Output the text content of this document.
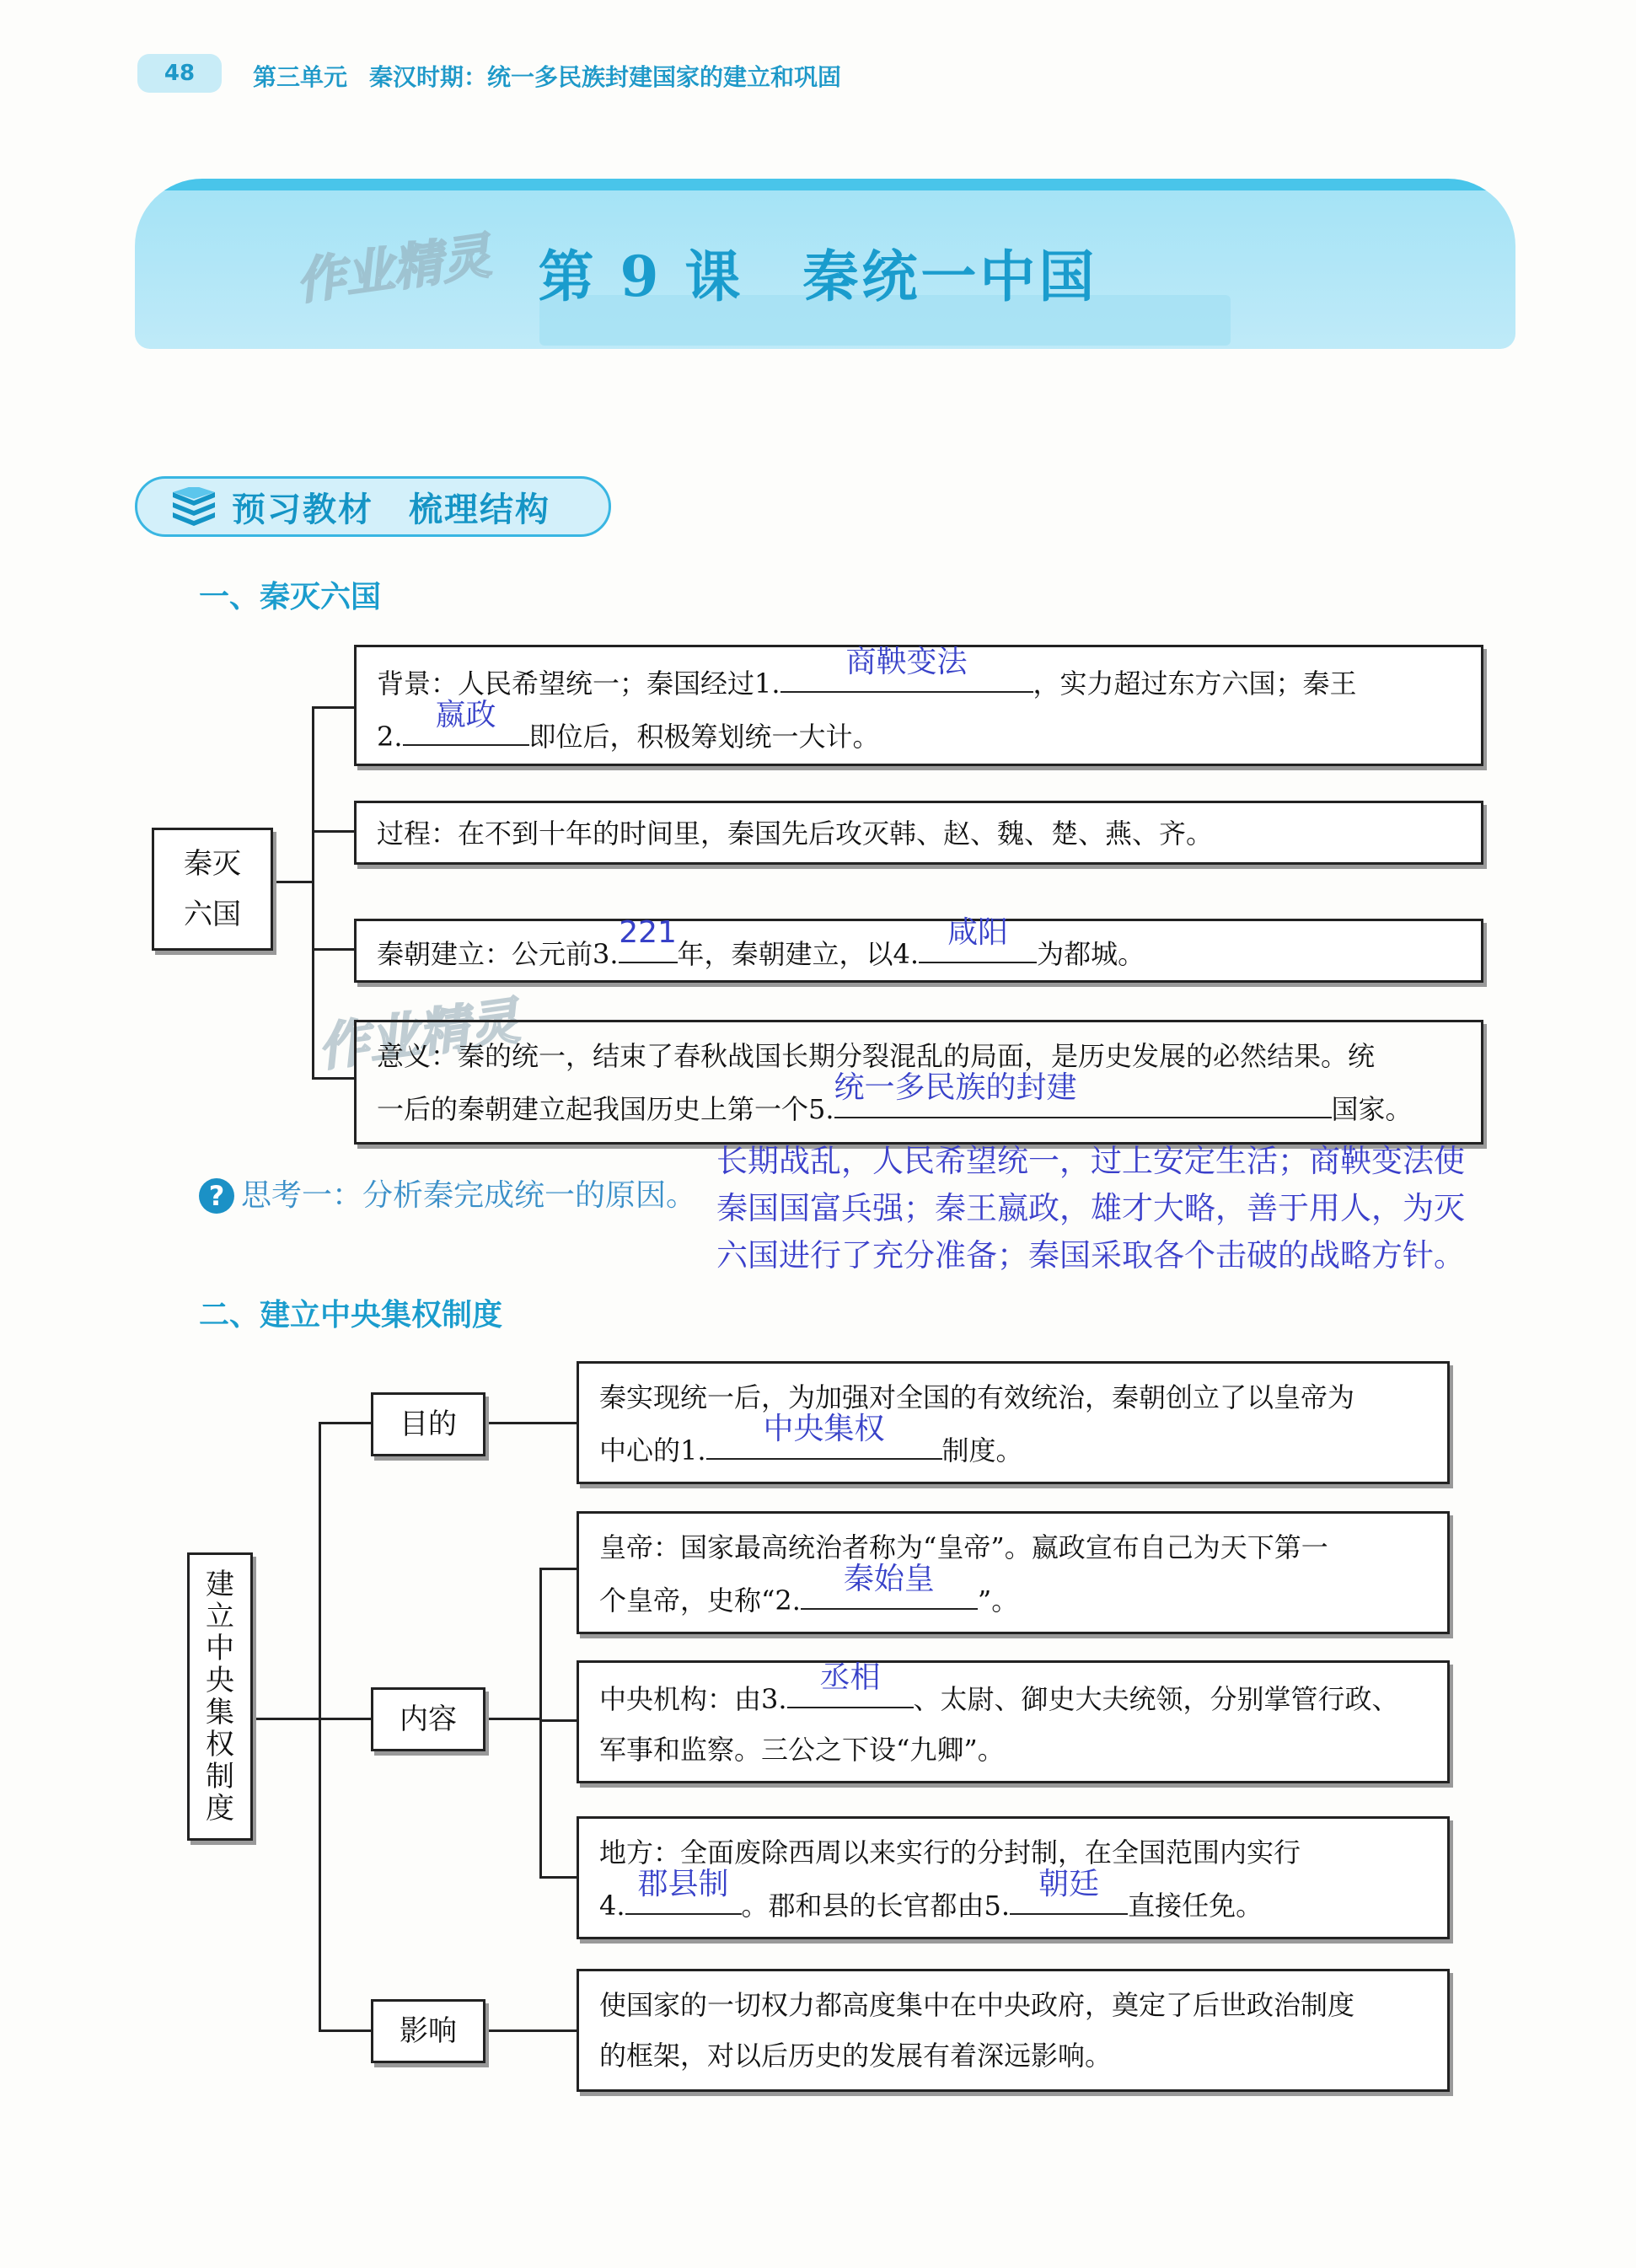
48	第三单元 秦汉时期：统一多民族封建国家的建立和巩固
作业精灵 第 9 课　秦统一中国
预习教材　梳理结构
一、秦灭六国
秦灭
六国
背景：人民希望统一；秦国经过1.
商鞅变法
，实力超过东方六国；秦王
2.
嬴政
即位后，积极筹划统一大计。
过程：在不到十年的时间里，秦国先后攻灭韩、赵、魏、楚、燕、齐。
秦朝建立：公元前3.
221
年，秦朝建立，以4.
咸阳
为都城。
作业精灵
意义：秦的统一，结束了春秋战国长期分裂混乱的局面，是历史发展的必然结果。统
一后的秦朝建立起我国历史上第一个5.
统一多民族的封建
国家。
? 思考一：分析秦完成统一的原因。
长期战乱，人民希望统一，过上安定生活；商鞅变法使
秦国国富兵强；秦王嬴政，雄才大略，善于用人，为灭
六国进行了充分准备；秦国采取各个击破的战略方针。
二、建立中央集权制度
建
立
中
央
集
权
制
度
目的
内容
影响
秦实现统一后，为加强对全国的有效统治，秦朝创立了以皇帝为
中心的1.
中央集权
制度。
皇帝：国家最高统治者称为“皇帝”。嬴政宣布自己为天下第一
个皇帝，史称“2.
秦始皇
”。
中央机构：由3.
丞相
、太尉、御史大夫统领，分别掌管行政、
军事和监察。三公之下设“九卿”。
地方：全面废除西周以来实行的分封制，在全国范围内实行
4.
郡县制
。郡和县的长官都由5.
朝廷
直接任免。
使国家的一切权力都高度集中在中央政府，奠定了后世政治制度
的框架，对以后历史的发展有着深远影响。
